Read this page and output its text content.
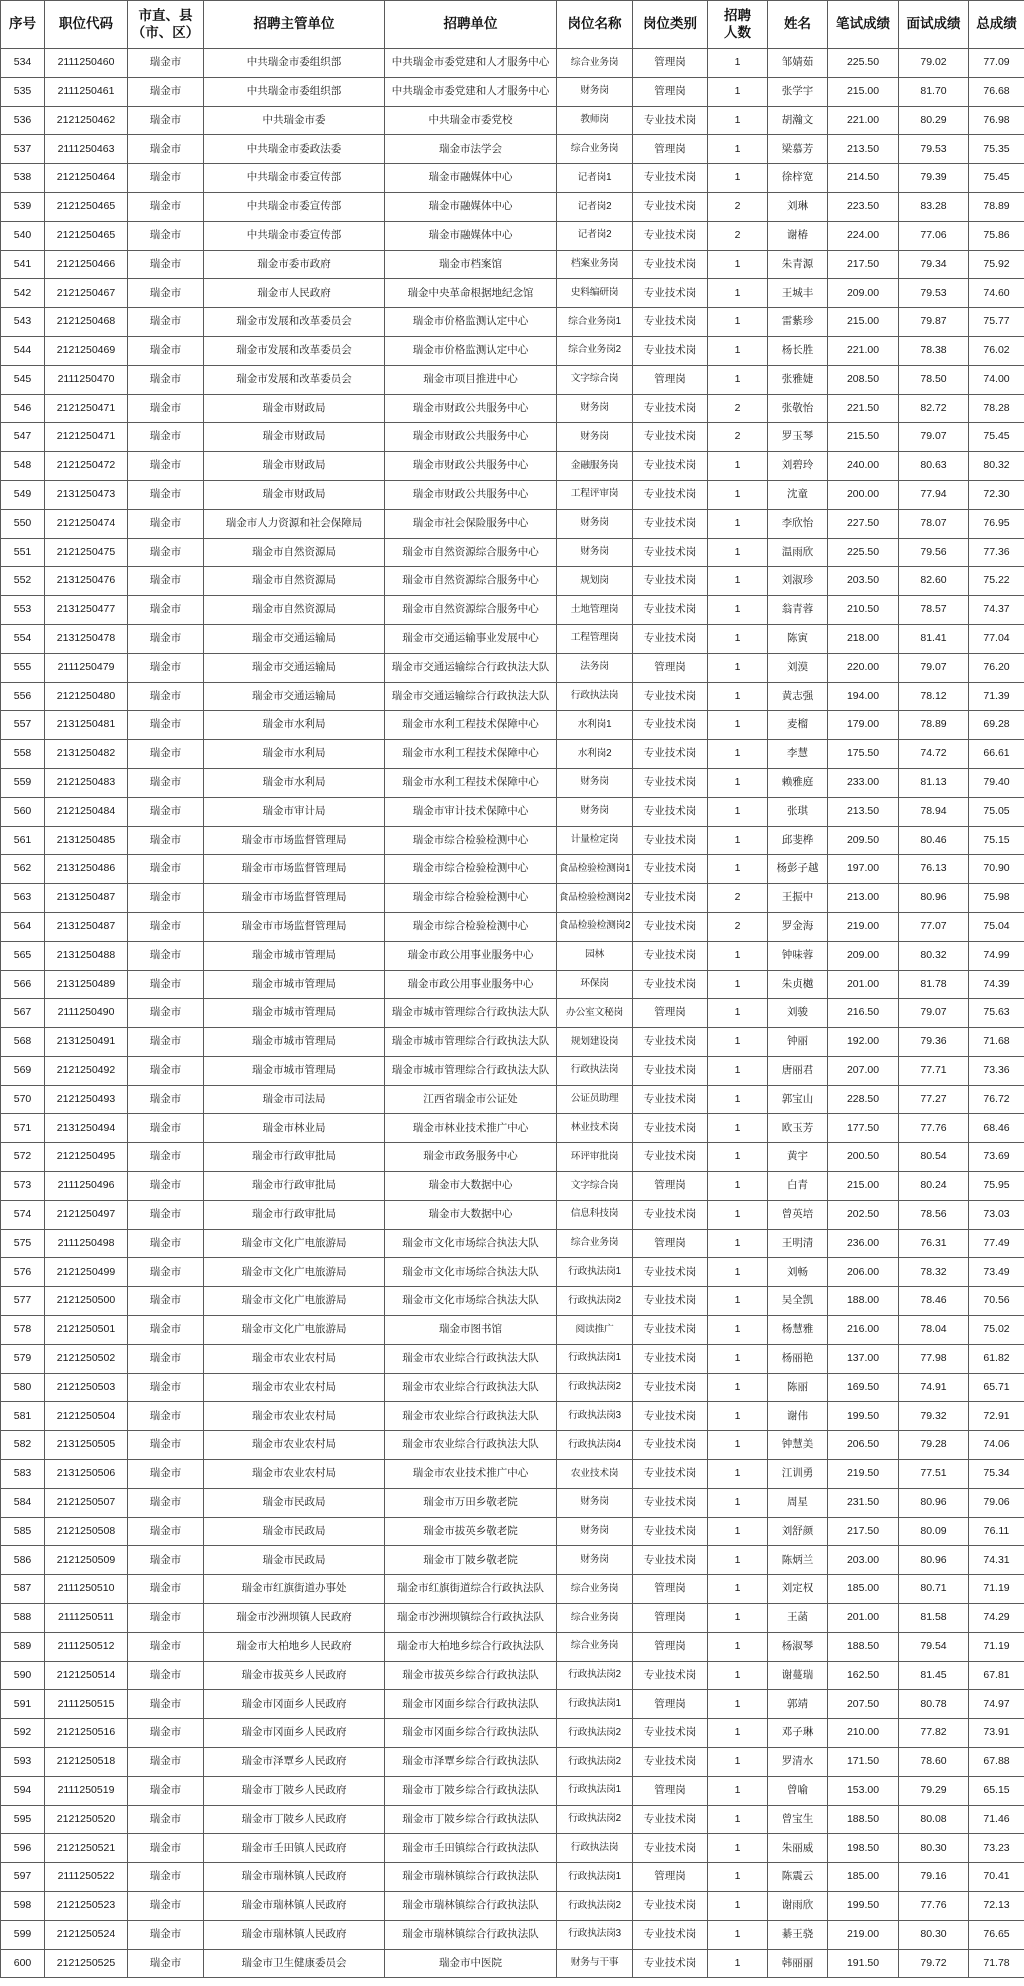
序号	职位代码	市直、县
（市、区）	招聘主管单位	招聘单位	岗位名称	岗位类别	招聘
人数	姓名	笔试成绩	面试成绩	总成绩
534	2111250460	瑞金市	中共瑞金市委组织部	中共瑞金市委党建和人才服务中心	综合业务岗	管理岗	1	邹婧茹	225.50	79.02	77.09
535	2111250461	瑞金市	中共瑞金市委组织部	中共瑞金市委党建和人才服务中心	财务岗	管理岗	1	张学宇	215.00	81.70	76.68
536	2121250462	瑞金市	中共瑞金市委	中共瑞金市委党校	教师岗	专业技术岗	1	胡瀚文	221.00	80.29	76.98
537	2111250463	瑞金市	中共瑞金市委政法委	瑞金市法学会	综合业务岗	管理岗	1	梁慕芳	213.50	79.53	75.35
538	2121250464	瑞金市	中共瑞金市委宣传部	瑞金市融媒体中心	记者岗1	专业技术岗	1	徐梓宽	214.50	79.39	75.45
539	2121250465	瑞金市	中共瑞金市委宣传部	瑞金市融媒体中心	记者岗2	专业技术岗	2	刘琳	223.50	83.28	78.89
540	2121250465	瑞金市	中共瑞金市委宣传部	瑞金市融媒体中心	记者岗2	专业技术岗	2	谢椿	224.00	77.06	75.86
541	2121250466	瑞金市	瑞金市委市政府	瑞金市档案馆	档案业务岗	专业技术岗	1	朱青源	217.50	79.34	75.92
542	2121250467	瑞金市	瑞金市人民政府	瑞金中央革命根据地纪念馆	史料编研岗	专业技术岗	1	王城丰	209.00	79.53	74.60
543	2121250468	瑞金市	瑞金市发展和改革委员会	瑞金市价格监测认定中心	综合业务岗1	专业技术岗	1	雷紫珍	215.00	79.87	75.77
544	2121250469	瑞金市	瑞金市发展和改革委员会	瑞金市价格监测认定中心	综合业务岗2	专业技术岗	1	杨长胜	221.00	78.38	76.02
545	2111250470	瑞金市	瑞金市发展和改革委员会	瑞金市项目推进中心	文字综合岗	管理岗	1	张雅婕	208.50	78.50	74.00
546	2121250471	瑞金市	瑞金市财政局	瑞金市财政公共服务中心	财务岗	专业技术岗	2	张敬怡	221.50	82.72	78.28
547	2121250471	瑞金市	瑞金市财政局	瑞金市财政公共服务中心	财务岗	专业技术岗	2	罗玉琴	215.50	79.07	75.45
548	2121250472	瑞金市	瑞金市财政局	瑞金市财政公共服务中心	金融服务岗	专业技术岗	1	刘碧玲	240.00	80.63	80.32
549	2131250473	瑞金市	瑞金市财政局	瑞金市财政公共服务中心	工程评审岗	专业技术岗	1	沈童	200.00	77.94	72.30
550	2121250474	瑞金市	瑞金市人力资源和社会保障局	瑞金市社会保险服务中心	财务岗	专业技术岗	1	李欣怡	227.50	78.07	76.95
551	2121250475	瑞金市	瑞金市自然资源局	瑞金市自然资源综合服务中心	财务岗	专业技术岗	1	温雨欣	225.50	79.56	77.36
552	2131250476	瑞金市	瑞金市自然资源局	瑞金市自然资源综合服务中心	规划岗	专业技术岗	1	刘淑珍	203.50	82.60	75.22
553	2131250477	瑞金市	瑞金市自然资源局	瑞金市自然资源综合服务中心	土地管理岗	专业技术岗	1	翁青蓉	210.50	78.57	74.37
554	2131250478	瑞金市	瑞金市交通运输局	瑞金市交通运输事业发展中心	工程管理岗	专业技术岗	1	陈寅	218.00	81.41	77.04
555	2111250479	瑞金市	瑞金市交通运输局	瑞金市交通运输综合行政执法大队	法务岗	管理岗	1	刘漠	220.00	79.07	76.20
556	2121250480	瑞金市	瑞金市交通运输局	瑞金市交通运输综合行政执法大队	行政执法岗	专业技术岗	1	黄志强	194.00	78.12	71.39
557	2131250481	瑞金市	瑞金市水利局	瑞金市水利工程技术保障中心	水利岗1	专业技术岗	1	麦榴	179.00	78.89	69.28
558	2131250482	瑞金市	瑞金市水利局	瑞金市水利工程技术保障中心	水利岗2	专业技术岗	1	李慧	175.50	74.72	66.61
559	2121250483	瑞金市	瑞金市水利局	瑞金市水利工程技术保障中心	财务岗	专业技术岗	1	赖雅庭	233.00	81.13	79.40
560	2121250484	瑞金市	瑞金市审计局	瑞金市审计技术保障中心	财务岗	专业技术岗	1	张琪	213.50	78.94	75.05
561	2131250485	瑞金市	瑞金市市场监督管理局	瑞金市综合检验检测中心	计量检定岗	专业技术岗	1	邱斐桦	209.50	80.46	75.15
562	2131250486	瑞金市	瑞金市市场监督管理局	瑞金市综合检验检测中心	食品检验检测岗1	专业技术岗	1	杨彭子越	197.00	76.13	70.90
563	2131250487	瑞金市	瑞金市市场监督管理局	瑞金市综合检验检测中心	食品检验检测岗2	专业技术岗	2	王振中	213.00	80.96	75.98
564	2131250487	瑞金市	瑞金市市场监督管理局	瑞金市综合检验检测中心	食品检验检测岗2	专业技术岗	2	罗金海	219.00	77.07	75.04
565	2131250488	瑞金市	瑞金市城市管理局	瑞金市政公用事业服务中心	园林	专业技术岗	1	钟味蓉	209.00	80.32	74.99
566	2131250489	瑞金市	瑞金市城市管理局	瑞金市政公用事业服务中心	环保岗	专业技术岗	1	朱贞樾	201.00	81.78	74.39
567	2111250490	瑞金市	瑞金市城市管理局	瑞金市城市管理综合行政执法大队	办公室文秘岗	管理岗	1	刘骏	216.50	79.07	75.63
568	2131250491	瑞金市	瑞金市城市管理局	瑞金市城市管理综合行政执法大队	规划建设岗	专业技术岗	1	钟丽	192.00	79.36	71.68
569	2121250492	瑞金市	瑞金市城市管理局	瑞金市城市管理综合行政执法大队	行政执法岗	专业技术岗	1	唐丽君	207.00	77.71	73.36
570	2121250493	瑞金市	瑞金市司法局	江西省瑞金市公证处	公证员助理	专业技术岗	1	郭宝山	228.50	77.27	76.72
571	2131250494	瑞金市	瑞金市林业局	瑞金市林业技术推广中心	林业技术岗	专业技术岗	1	欧玉芳	177.50	77.76	68.46
572	2121250495	瑞金市	瑞金市行政审批局	瑞金市政务服务中心	环评审批岗	专业技术岗	1	黄宇	200.50	80.54	73.69
573	2111250496	瑞金市	瑞金市行政审批局	瑞金市大数据中心	文字综合岗	管理岗	1	白青	215.00	80.24	75.95
574	2121250497	瑞金市	瑞金市行政审批局	瑞金市大数据中心	信息科技岗	专业技术岗	1	曾英培	202.50	78.56	73.03
575	2111250498	瑞金市	瑞金市文化广电旅游局	瑞金市文化市场综合执法大队	综合业务岗	管理岗	1	王明清	236.00	76.31	77.49
576	2121250499	瑞金市	瑞金市文化广电旅游局	瑞金市文化市场综合执法大队	行政执法岗1	专业技术岗	1	刘畅	206.00	78.32	73.49
577	2121250500	瑞金市	瑞金市文化广电旅游局	瑞金市文化市场综合执法大队	行政执法岗2	专业技术岗	1	吴全凯	188.00	78.46	70.56
578	2121250501	瑞金市	瑞金市文化广电旅游局	瑞金市图书馆	阅读推广	专业技术岗	1	杨慧雅	216.00	78.04	75.02
579	2121250502	瑞金市	瑞金市农业农村局	瑞金市农业综合行政执法大队	行政执法岗1	专业技术岗	1	杨丽艳	137.00	77.98	61.82
580	2121250503	瑞金市	瑞金市农业农村局	瑞金市农业综合行政执法大队	行政执法岗2	专业技术岗	1	陈丽	169.50	74.91	65.71
581	2121250504	瑞金市	瑞金市农业农村局	瑞金市农业综合行政执法大队	行政执法岗3	专业技术岗	1	谢伟	199.50	79.32	72.91
582	2131250505	瑞金市	瑞金市农业农村局	瑞金市农业综合行政执法大队	行政执法岗4	专业技术岗	1	钟慧美	206.50	79.28	74.06
583	2131250506	瑞金市	瑞金市农业农村局	瑞金市农业技术推广中心	农业技术岗	专业技术岗	1	江训勇	219.50	77.51	75.34
584	2121250507	瑞金市	瑞金市民政局	瑞金市万田乡敬老院	财务岗	专业技术岗	1	周星	231.50	80.96	79.06
585	2121250508	瑞金市	瑞金市民政局	瑞金市拔英乡敬老院	财务岗	专业技术岗	1	刘舒颜	217.50	80.09	76.11
586	2121250509	瑞金市	瑞金市民政局	瑞金市丁陂乡敬老院	财务岗	专业技术岗	1	陈炳兰	203.00	80.96	74.31
587	2111250510	瑞金市	瑞金市红旗街道办事处	瑞金市红旗街道综合行政执法队	综合业务岗	管理岗	1	刘定权	185.00	80.71	71.19
588	2111250511	瑞金市	瑞金市沙洲坝镇人民政府	瑞金市沙洲坝镇综合行政执法队	综合业务岗	管理岗	1	王菡	201.00	81.58	74.29
589	2111250512	瑞金市	瑞金市大柏地乡人民政府	瑞金市大柏地乡综合行政执法队	综合业务岗	管理岗	1	杨淑琴	188.50	79.54	71.19
590	2121250514	瑞金市	瑞金市拔英乡人民政府	瑞金市拔英乡综合行政执法队	行政执法岗2	专业技术岗	1	谢蔓瑞	162.50	81.45	67.81
591	2111250515	瑞金市	瑞金市冈面乡人民政府	瑞金市冈面乡综合行政执法队	行政执法岗1	管理岗	1	郭靖	207.50	80.78	74.97
592	2121250516	瑞金市	瑞金市冈面乡人民政府	瑞金市冈面乡综合行政执法队	行政执法岗2	专业技术岗	1	邓子琳	210.00	77.82	73.91
593	2121250518	瑞金市	瑞金市泽覃乡人民政府	瑞金市泽覃乡综合行政执法队	行政执法岗2	专业技术岗	1	罗清水	171.50	78.60	67.88
594	2111250519	瑞金市	瑞金市丁陂乡人民政府	瑞金市丁陂乡综合行政执法队	行政执法岗1	管理岗	1	曾喻	153.00	79.29	65.15
595	2121250520	瑞金市	瑞金市丁陂乡人民政府	瑞金市丁陂乡综合行政执法队	行政执法岗2	专业技术岗	1	曾宝生	188.50	80.08	71.46
596	2121250521	瑞金市	瑞金市壬田镇人民政府	瑞金市壬田镇综合行政执法队	行政执法岗	专业技术岗	1	朱丽威	198.50	80.30	73.23
597	2111250522	瑞金市	瑞金市瑞林镇人民政府	瑞金市瑞林镇综合行政执法队	行政执法岗1	管理岗	1	陈震云	185.00	79.16	70.41
598	2121250523	瑞金市	瑞金市瑞林镇人民政府	瑞金市瑞林镇综合行政执法队	行政执法岗2	专业技术岗	1	谢雨欣	199.50	77.76	72.13
599	2121250524	瑞金市	瑞金市瑞林镇人民政府	瑞金市瑞林镇综合行政执法队	行政执法岗3	专业技术岗	1	綦王骁	219.00	80.30	76.65
600	2121250525	瑞金市	瑞金市卫生健康委员会	瑞金市中医院	财务与干事	专业技术岗	1	韩丽丽	191.50	79.72	71.78
